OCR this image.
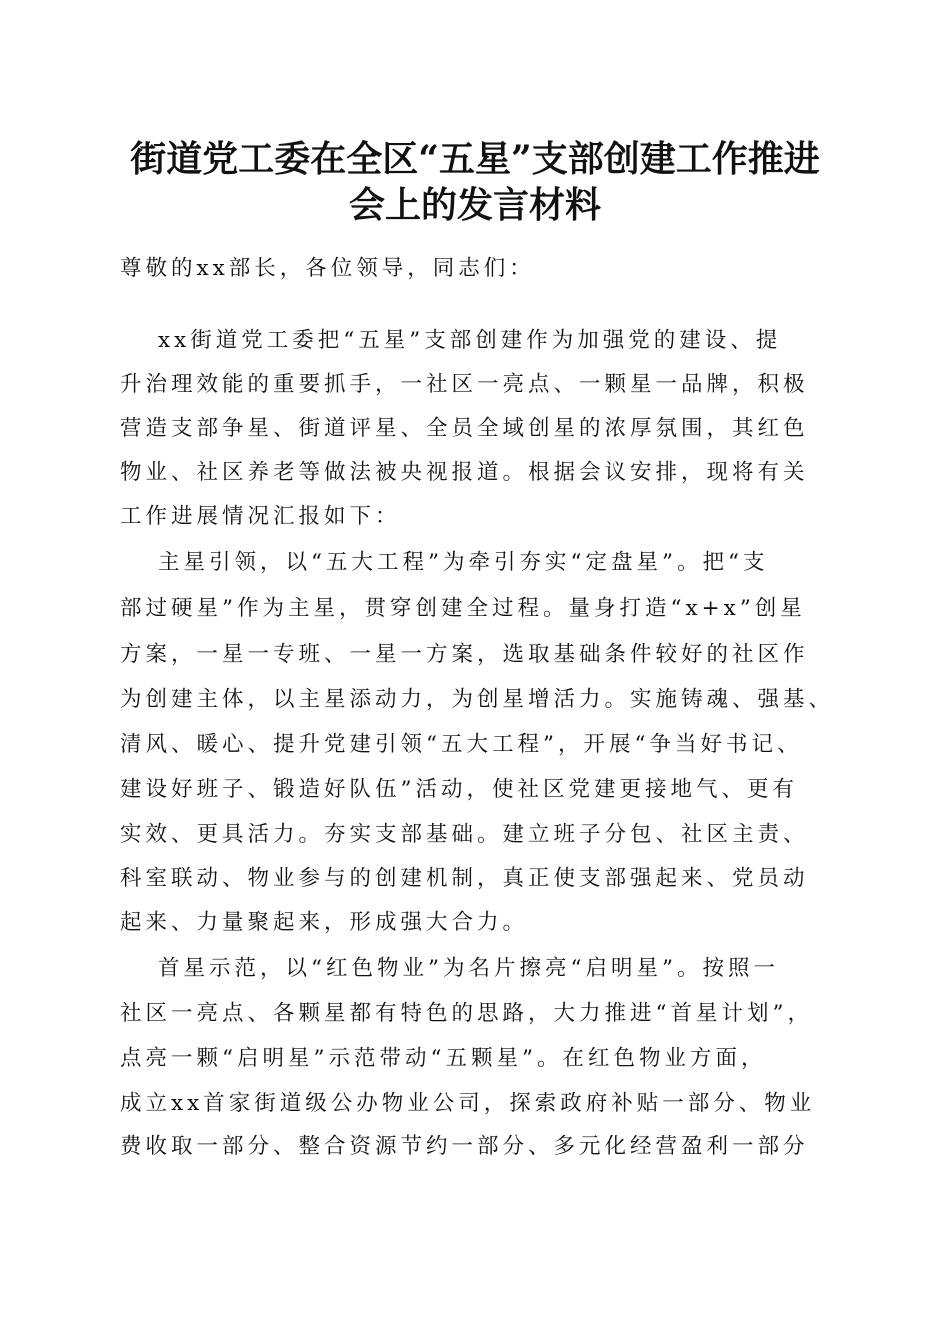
街道党工委在全区“五星”支部创建工作推进
会上的发言材料

尊敬的xx部长，各位领导，同志们：

xx街道党工委把“五星”支部创建作为加强党的建设、提

升治理效能的重要抓手，一社区一亮点、一颗星一品牌，积极

营造支部争星、街道评星、全员全域创星的浓厚氛围，其红色

物业、社区养老等做法被央视报道。根据会议安排，现将有关

工作进展情况汇报如下：

主星引领，以“五大工程”为牵引夯实“定盘星”。把“支

部过硬星”作为主星，贯穿创建全过程。量身打造“x+x”创星

方案，一星一专班、一星一方案，选取基础条件较好的社区作

为创建主体，以主星添动力，为创星增活力。实施铸魂、强基、

清风、暖心、提升党建引领“五大工程”，开展“争当好书记、

建设好班子、锻造好队伍”活动，使社区党建更接地气、更有

实效、更具活力。夯实支部基础。建立班子分包、社区主责、

科室联动、物业参与的创建机制，真正使支部强起来、党员动

起来、力量聚起来，形成强大合力。

首星示范，以“红色物业”为名片擦亮“启明星”。按照一

社区一亮点、各颗星都有特色的思路，大力推进“首星计划”，

点亮一颗“启明星”示范带动“五颗星”。在红色物业方面，

成立xx首家街道级公办物业公司，探索政府补贴一部分、物业

费收取一部分、整合资源节约一部分、多元化经营盈利一部分
